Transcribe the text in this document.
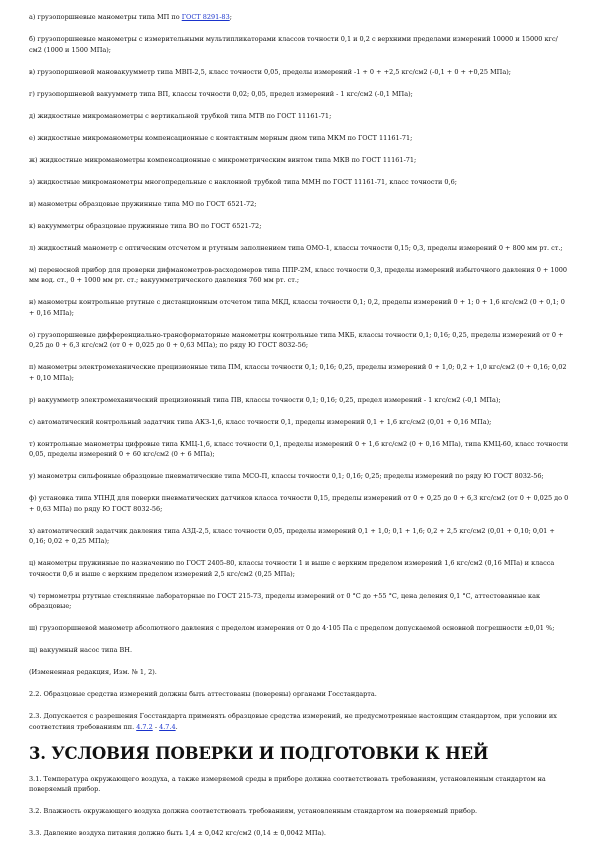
а) грузопоршневые манометры типа МП по ГОСТ 8291-83;

б) грузопоршневые манометры с измерительными мультипликаторами классов точности 0,1 и 0,2 с верхними пределами измерений 10000 и 15000 кгс/см2 (1000 и 1500 МПа);

в) грузопоршневой мановакуумметр типа МВП-2,5, класс точности 0,05, пределы измерений -1 + 0 + +2,5 кгс/см2 (-0,1 + 0 + +0,25 МПа);

г) грузопоршневой вакуумметр типа ВП, классы точности 0,02; 0,05, предел измерений - 1 кгс/см2 (-0,1 МПа);

д) жидкостные микроманометры с вертикальной трубкой типа МТВ по ГОСТ 11161-71;

е) жидкостные микроманометры компенсационные с контактным мерным дном типа МКМ по ГОСТ 11161-71;

ж) жидкостные микроманометры компенсационные с микрометрическим винтом типа МКВ по ГОСТ 11161-71;

з) жидкостные микроманометры многопредельные с наклонной трубкой типа ММН по ГОСТ 11161-71, класс точности 0,6;

и) манометры образцовые пружинные типа МО по ГОСТ 6521-72;

к) вакуумметры образцовые пружинные типа ВО по ГОСТ 6521-72;

л) жидкостный манометр с оптическим отсчетом и ртутным заполнением типа ОМО-1, классы точности 0,15; 0,3, пределы измерений 0 + 800 мм рт. ст.;

м) переносной прибор для проверки дифманометров-расходомеров типа ППР-2М, класс точности 0,3, пределы измерений избыточного давления 0 + 1000 мм вод. ст., 0 + 1000 мм рт. ст.; вакуумметрического давления 760 мм рт. ст.;

н) манометры контрольные ртутные с дистанционным отсчетом типа МКД, классы точности 0,1; 0,2, пределы измерений 0 + 1; 0 + 1,6 кгс/см2 (0 + 0,1; 0 + 0,16 МПа);

о) грузопоршневые дифференциально-трансформаторные манометры контрольные типа МКБ, классы точности 0,1; 0,16; 0,25, пределы измерений от 0 + 0,25 до 0 + 6,3 кгс/см2 (от 0 + 0,025 до 0 + 0,63 МПа); по ряду Ю ГОСТ 8032-56;

п) манометры электромеханические прецизионные типа ПМ, классы точности 0,1; 0,16; 0,25, пределы измерений 0 + 1,0; 0,2 + 1,0 кгс/см2 (0 + 0,16; 0,02 + 0,10 МПа);

р) вакуумметр электромеханический прецизионный типа ПВ, классы точности 0,1; 0,16; 0,25, предел измерений - 1 кгс/см2 (-0,1 МПа);

с) автоматический контрольный задатчик типа АКЗ-1,6, класс точности 0,1, пределы измерений 0,1 + 1,6 кгс/см2 (0,01 + 0,16 МПа);

т) контрольные манометры цифровые типа КМЦ-1,6, класс точности 0,1, пределы измерений 0 + 1,6 кгс/см2 (0 + 0,16 МПа), типа КМЦ-60, класс точности 0,05, пределы измерений 0 + 60 кгс/см2 (0 + 6 МПа);

у) манометры сильфонные образцовые пневматические типа МСО-П, классы точности 0,1; 0,16; 0,25; пределы измерений по ряду Ю ГОСТ 8032-56;

ф) установка типа УПНД для поверки пневматических датчиков класса точности 0,15, пределы измерений от 0 + 0,25 до 0 + 6,3 кгс/см2 (от 0 + 0,025 до 0 + 0,63 МПа) по ряду Ю ГОСТ 8032-56;

х) автоматический задатчик давления типа АЗД-2,5, класс точности 0,05, пределы измерений 0,1 + 1,0; 0,1 + 1,6; 0,2 + 2,5 кгс/см2 (0,01 + 0,10; 0,01 + 0,16; 0,02 + 0,25 МПа);

ц) манометры пружинные по назначению по ГОСТ 2405-80, классы точности 1 и выше с верхним пределом измерений 1,6 кгс/см2 (0,16 МПа) и класса точности 0,6 и выше с верхним пределом измерений 2,5 кгс/см2 (0,25 МПа);

ч) термометры ртутные стеклянные лабораторные по ГОСТ 215-73, пределы измерений от 0 °С до +55 °С, цена деления 0,1 °С, аттестованные как образцовые;

ш) грузопоршневой манометр абсолютного давления с пределом измерения от 0 до 4·105 Па с пределом допускаемой основной погрешности ±0,01 %;

щ) вакуумный насос типа ВН.

(Измененная редакция, Изм. № 1, 2).

2.2. Образцовые средства измерений должны быть аттестованы (поверены) органами Госстандарта.

2.3. Допускается с разрешения Госстандарта применять образцовые средства измерений, не предусмотренные настоящим стандартом, при условии их соответствия требованиям пп. 4.7.2 - 4.7.4.

3. УСЛОВИЯ ПОВЕРКИ И ПОДГОТОВКИ К НЕЙ

3.1. Температура окружающего воздуха, а также измеряемой среды в приборе должна соответствовать требованиям, установленным стандартом на поверяемый прибор.

3.2. Влажность окружающего воздуха должна соответствовать требованиям, установленным стандартом на поверяемый прибор.

3.3. Давление воздуха питания должно быть 1,4 ± 0,042 кгс/см2 (0,14 ± 0,0042 МПа).
